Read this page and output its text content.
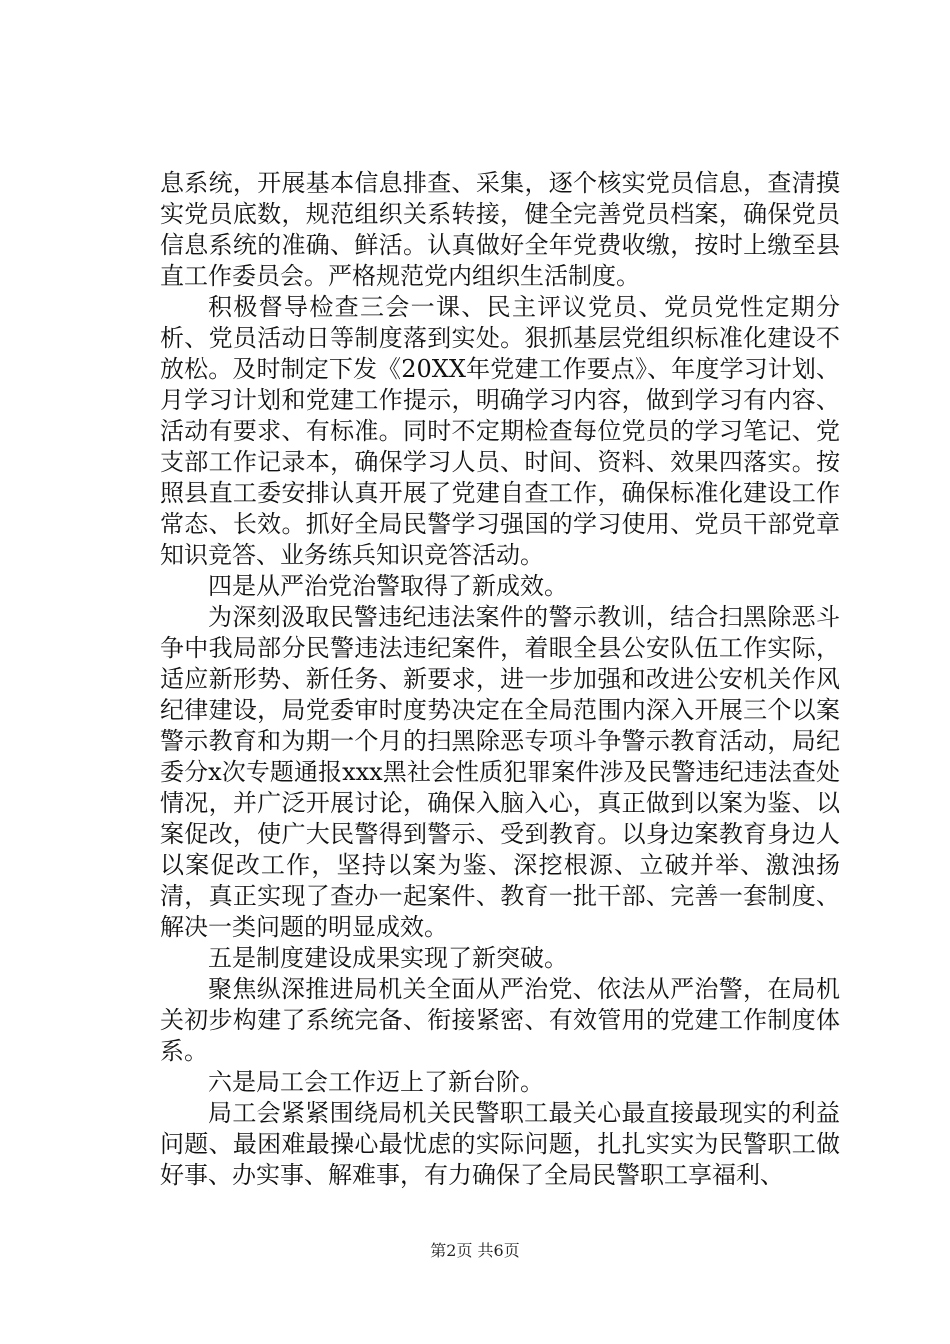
息系统，开展基本信息排查、采集，逐个核实党员信息，查清摸实党员底数，规范组织关系转接，健全完善党员档案，确保党员信息系统的准确、鲜活。认真做好全年党费收缴，按时上缴至县直工作委员会。严格规范党内组织生活制度。

积极督导检查三会一课、民主评议党员、党员党性定期分析、党员活动日等制度落到实处。狠抓基层党组织标准化建设不放松。及时制定下发《20XX年党建工作要点》、年度学习计划、月学习计划和党建工作提示，明确学习内容，做到学习有内容、活动有要求、有标准。同时不定期检查每位党员的学习笔记、党支部工作记录本，确保学习人员、时间、资料、效果四落实。按照县直工委安排认真开展了党建自查工作，确保标准化建设工作常态、长效。抓好全局民警学习强国的学习使用、党员干部党章知识竞答、业务练兵知识竞答活动。

四是从严治党治警取得了新成效。

为深刻汲取民警违纪违法案件的警示教训，结合扫黑除恶斗争中我局部分民警违法违纪案件，着眼全县公安队伍工作实际，适应新形势、新任务、新要求，进一步加强和改进公安机关作风纪律建设，局党委审时度势决定在全局范围内深入开展三个以案警示教育和为期一个月的扫黑除恶专项斗争警示教育活动，局纪委分x次专题通报xxx黑社会性质犯罪案件涉及民警违纪违法查处情况，并广泛开展讨论，确保入脑入心，真正做到以案为鉴、以案促改，使广大民警得到警示、受到教育。以身边案教育身边人以案促改工作，坚持以案为鉴、深挖根源、立破并举、激浊扬清，真正实现了查办一起案件、教育一批干部、完善一套制度、解决一类问题的明显成效。

五是制度建设成果实现了新突破。

聚焦纵深推进局机关全面从严治党、依法从严治警，在局机关初步构建了系统完备、衔接紧密、有效管用的党建工作制度体系。

六是局工会工作迈上了新台阶。

局工会紧紧围绕局机关民警职工最关心最直接最现实的利益问题、最困难最操心最忧虑的实际问题，扎扎实实为民警职工做好事、办实事、解难事，有力确保了全局民警职工享福利、

第2页 共6页
